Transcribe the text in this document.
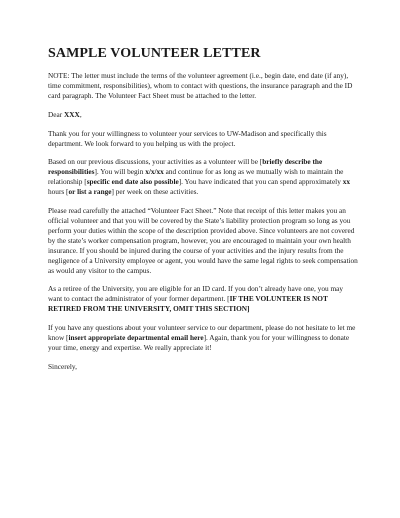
SAMPLE VOLUNTEER LETTER

NOTE: The letter must include the terms of the volunteer agreement (i.e., begin date, end date (if any), time commitment, responsibilities), whom to contact with questions, the insurance paragraph and the ID card paragraph. The Volunteer Fact Sheet must be attached to the letter.

Dear XXX,

Thank you for your willingness to volunteer your services to UW-Madison and specifically this department. We look forward to you helping us with the project.

Based on our previous discussions, your activities as a volunteer will be [briefly describe the responsibilities]. You will begin x/x/xx and continue for as long as we mutually wish to maintain the relationship [specific end date also possible]. You have indicated that you can spend approximately xx hours [or list a range] per week on these activities.

Please read carefully the attached “Volunteer Fact Sheet.” Note that receipt of this letter makes you an official volunteer and that you will be covered by the State’s liability protection program so long as you perform your duties within the scope of the description provided above. Since volunteers are not covered by the state’s worker compensation program, however, you are encouraged to maintain your own health insurance. If you should be injured during the course of your activities and the injury results from the negligence of a University employee or agent, you would have the same legal rights to seek compensation as would any visitor to the campus.

As a retiree of the University, you are eligible for an ID card. If you don’t already have one, you may want to contact the administrator of your former department. [IF THE VOLUNTEER IS NOT RETIRED FROM THE UNIVERSITY, OMIT THIS SECTION]

If you have any questions about your volunteer service to our department, please do not hesitate to let me know [insert appropriate departmental email here]. Again, thank you for your willingness to donate your time, energy and expertise. We really appreciate it!

Sincerely,
